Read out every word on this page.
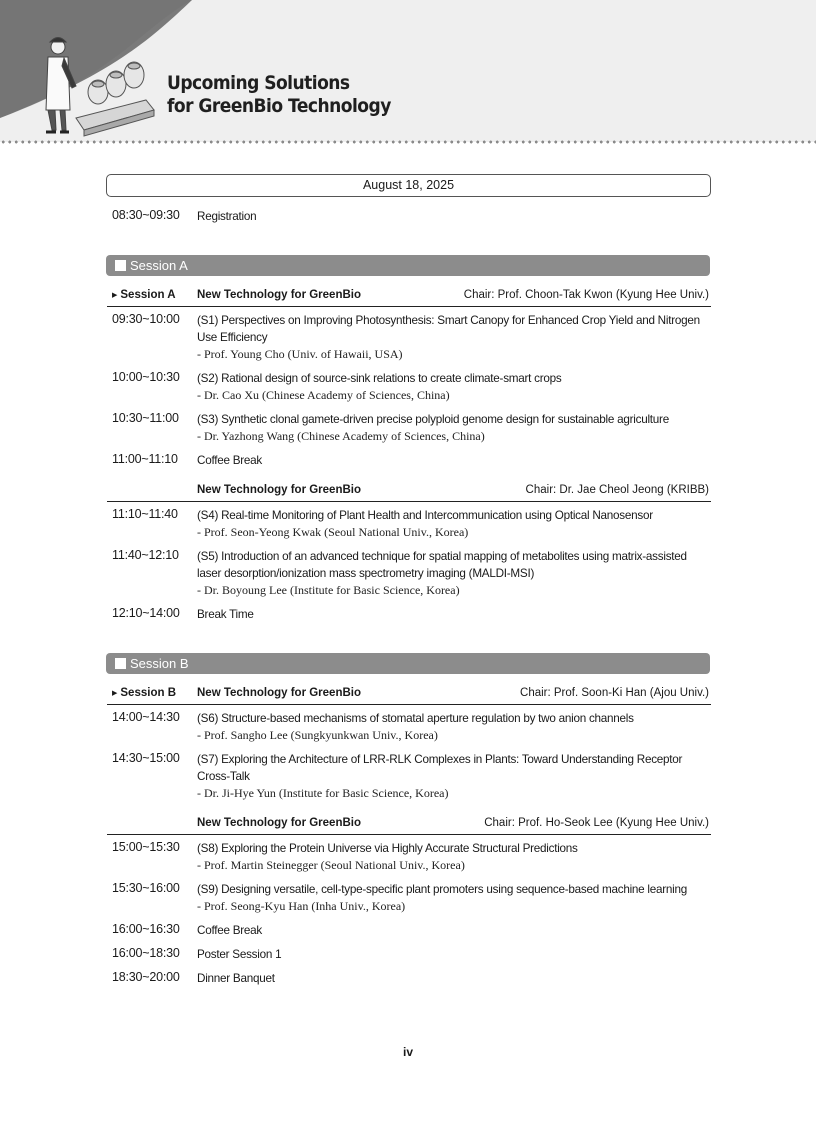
Upcoming Solutions
for GreenBio Technology
August 18, 2025
08:30~09:30	Registration
Session A
▶ Session A New Technology for GreenBio	Chair: Prof. Choon-Tak Kwon (Kyung Hee Univ.)
09:30~10:00	(S1) Perspectives on Improving Photosynthesis: Smart Canopy for Enhanced Crop Yield and Nitrogen Use Efficiency
- Prof. Young Cho (Univ. of Hawaii, USA)
10:00~10:30	(S2) Rational design of source-sink relations to create climate-smart crops
- Dr. Cao Xu (Chinese Academy of Sciences, China)
10:30~11:00	(S3) Synthetic clonal gamete-driven precise polyploid genome design for sustainable agriculture
- Dr. Yazhong Wang (Chinese Academy of Sciences, China)
11:00~11:10	Coffee Break
New Technology for GreenBio	Chair: Dr. Jae Cheol Jeong (KRIBB)
11:10~11:40	(S4) Real-time Monitoring of Plant Health and Intercommunication using Optical Nanosensor
- Prof. Seon-Yeong Kwak (Seoul National Univ., Korea)
11:40~12:10	(S5) Introduction of an advanced technique for spatial mapping of metabolites using matrix-assisted laser desorption/ionization mass spectrometry imaging (MALDI-MSI)
- Dr. Boyoung Lee (Institute for Basic Science, Korea)
12:10~14:00	Break Time
Session B
▶ Session B New Technology for GreenBio	Chair: Prof. Soon-Ki Han (Ajou Univ.)
14:00~14:30	(S6) Structure-based mechanisms of stomatal aperture regulation by two anion channels
- Prof. Sangho Lee (Sungkyunkwan Univ., Korea)
14:30~15:00	(S7) Exploring the Architecture of LRR-RLK Complexes in Plants: Toward Understanding Receptor Cross-Talk
- Dr. Ji-Hye Yun (Institute for Basic Science, Korea)
New Technology for GreenBio	Chair: Prof. Ho-Seok Lee (Kyung Hee Univ.)
15:00~15:30	(S8) Exploring the Protein Universe via Highly Accurate Structural Predictions
- Prof. Martin Steinegger (Seoul National Univ., Korea)
15:30~16:00	(S9) Designing versatile, cell-type-specific plant promoters using sequence-based machine learning
- Prof. Seong-Kyu Han (Inha Univ., Korea)
16:00~16:30	Coffee Break
16:00~18:30	Poster Session 1
18:30~20:00	Dinner Banquet
iv
